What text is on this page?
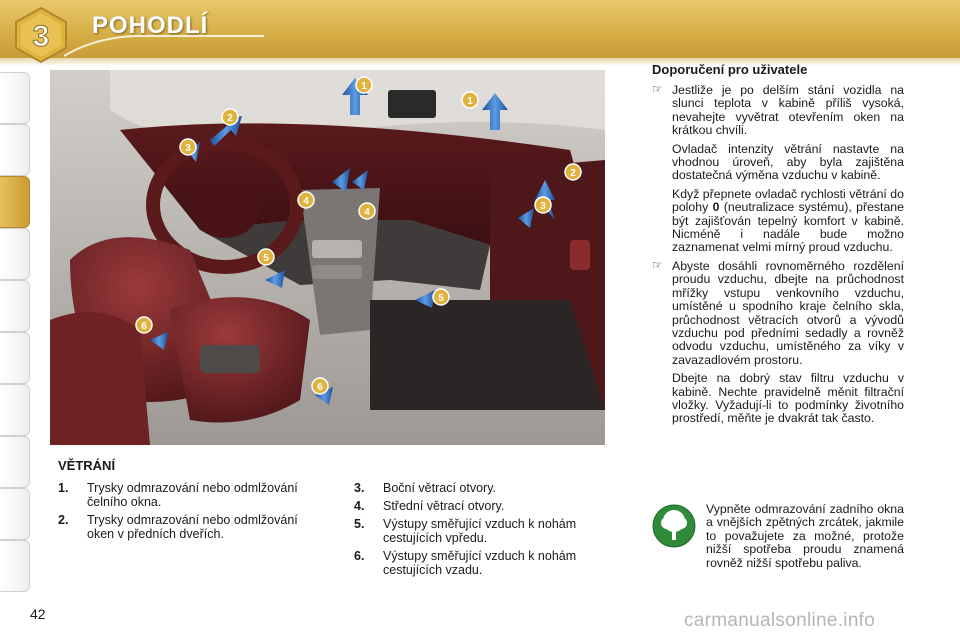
3 POHODLÍ
1
1
2
2
3
3
4
4
5
5
6
6
VĚTRÁNÍ
1. Trysky odmrazování nebo odmlžování čelního okna.
2. Trysky odmrazování nebo odmlžování oken v předních dveřích.
3. Boční větrací otvory.
4. Střední větrací otvory.
5. Výstupy směřující vzduch k nohám cestujících vpředu.
6. Výstupy směřující vzduch k nohám cestujících vzadu.
Doporučení pro uživatele
☞ Jestliže je po delším stání vozidla na slunci teplota v kabině příliš vysoká, nevahejte vyvětrat otevřením oken na krátkou chvíli.

Ovladač intenzity větrání nastavte na vhodnou úroveň, aby byla zajištěna dostatečná výměna vzduchu v kabině.

Když přepnete ovladač rychlosti větrání do polohy 0 (neutralizace systému), přestane být zajišťován tepelný komfort v kabině. Nicméně i nadále bude možno zaznamenat velmi mírný proud vzduchu.

☞ Abyste dosáhli rovnoměrného rozdělení proudu vzduchu, dbejte na průchodnost mřížky vstupu venkovního vzduchu, umístěné u spodního kraje čelního skla, průchodnost větracích otvorů a vývodů vzduchu pod předními sedadly a rovněž odvodu vzduchu, umístěného za víky v zavazadlovém prostoru.

Dbejte na dobrý stav filtru vzduchu v kabině. Nechte pravidelně měnit filtrační vložky. Vyžadují-li to podmínky životního prostředí, měňte je dvakrát tak často.

Vypněte odmrazování zadního okna a vnějších zpětných zrcátek, jakmile to považujete za možné, protože nižší spotřeba proudu znamená rovněž nižší spotřebu paliva.
42	carmanualsonline.info
